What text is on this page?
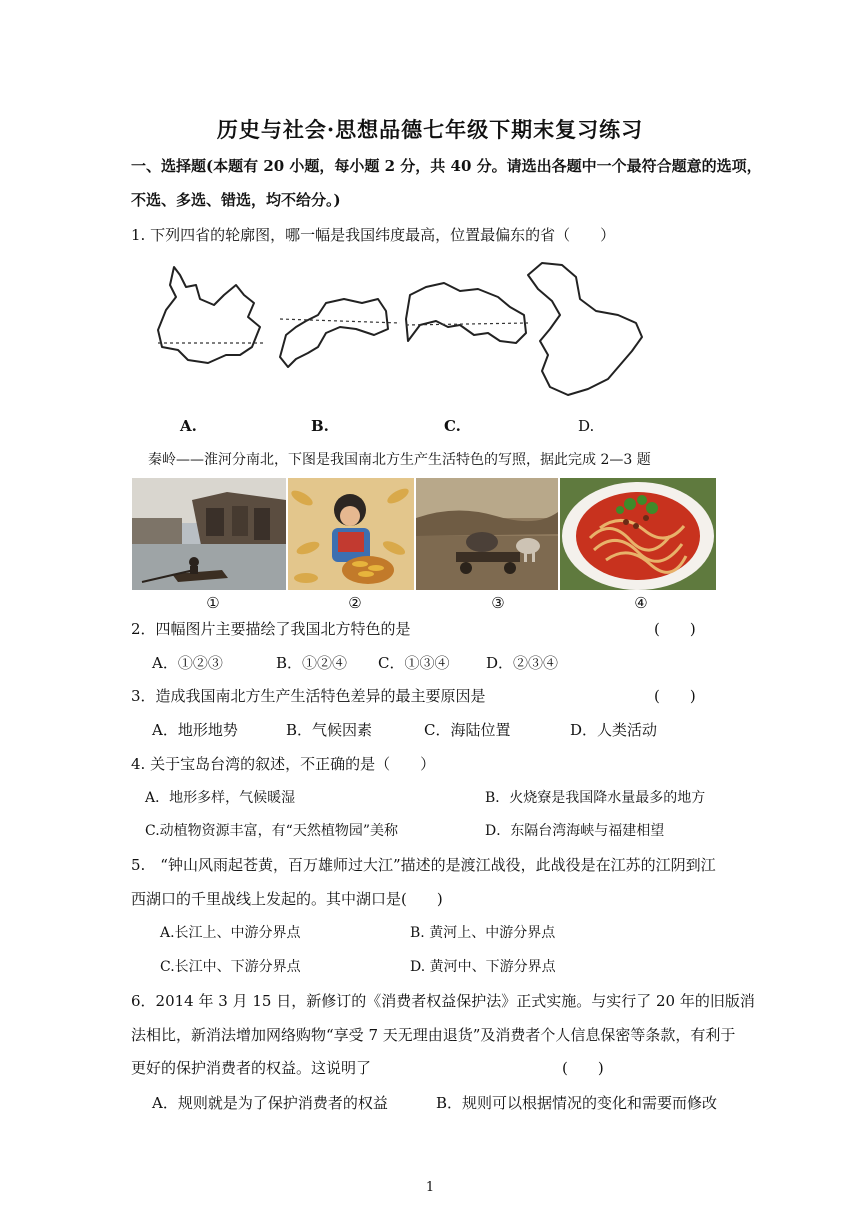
历史与社会·思想品德七年级下期末复习练习
一、选择题(本题有 20 小题，每小题 2 分，共 40 分。请选出各题中一个最符合题意的选项，
不选、多选、错选，均不给分。)
1. 下列四省的轮廓图，哪一幅是我国纬度最高，位置最偏东的省（　　）
A.	B.	C.	D.
秦岭——淮河分南北，下图是我国南北方生产生活特色的写照，据此完成 2—3 题
①	②	③	④
2．四幅图片主要描绘了我国北方特色的是	(　　)
A．①②③	B．①②④ C．①③④ D．②③④
3．造成我国南北方生产生活特色差异的最主要原因是	(　　)
A．地形地势	B．气候因素	C．海陆位置	D．人类活动
4. 关于宝岛台湾的叙述，不正确的是（　　）
A．地形多样，气候暖湿	B．火烧寮是我国降水量最多的地方
C.动植物资源丰富，有“天然植物园”美称	D．东隔台湾海峡与福建相望
5.　“钟山风雨起苍黄，百万雄师过大江”描述的是渡江战役，此战役是在江苏的江阴到江
西湖口的千里战线上发起的。其中湖口是(　　)
A.长江上、中游分界点	B. 黄河上、中游分界点
C.长江中、下游分界点	D. 黄河中、下游分界点
6．2014 年 3 月 15 日，新修订的《消费者权益保护法》正式实施。与实行了 20 年的旧版消
法相比，新消法增加网络购物“享受 7 天无理由退货”及消费者个人信息保密等条款，有利于
更好的保护消费者的权益。这说明了	(　　)
A．规则就是为了保护消费者的权益	B．规则可以根据情况的变化和需要而修改
1
